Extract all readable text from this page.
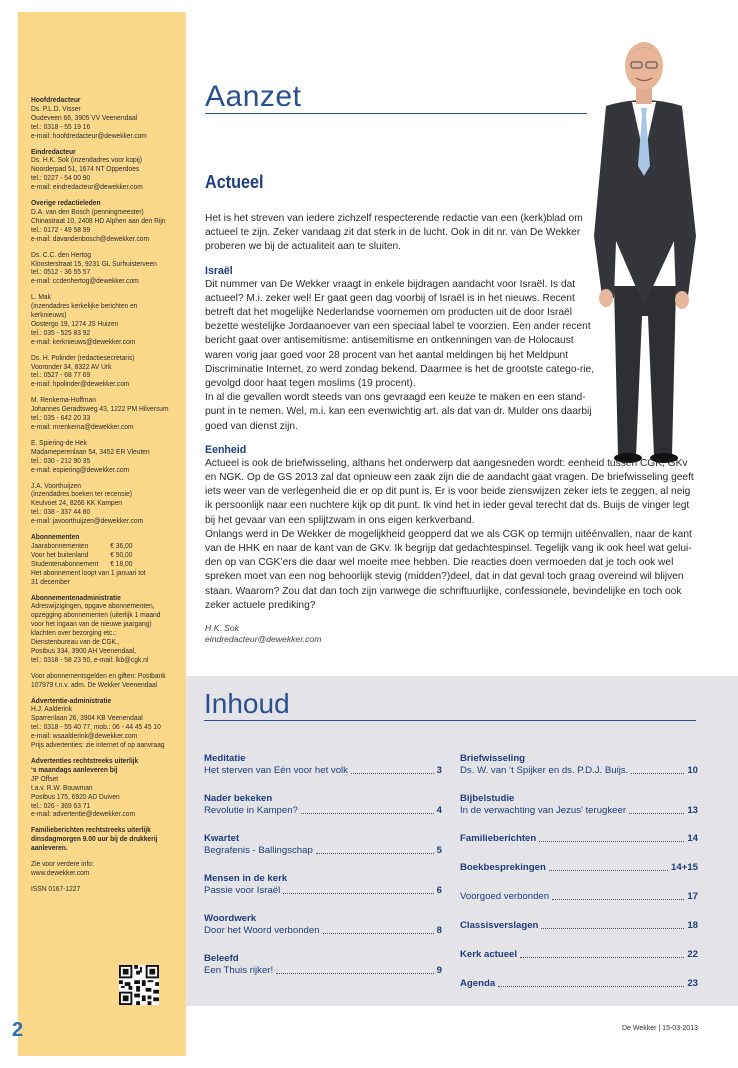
Hoofdredacteur
Ds. P.L.D. Visser
Oudeveen 66, 3905 VV Veenendaal
tel.: 0318 - 55 19 16
e-mail: hoofdredacteur@dewekker.com
Eindredacteur
Ds. H.K. Sok (inzendadres voor kopij)
Noorderpad 51, 1674 NT Opperdoes
tel.: 0227 - 54 00 90
e-mail: eindredacteur@dewekker.com
Overige redactieleden
D.A. van den Bosch (penningmeester)
Chinastraat 10, 2408 HD Alphen aan den Rijn
tel.: 0172 - 49 58 99
e-mail: davandenbosch@dewekker.com
Ds. C.C. den Hertog
Kloosterstraat 15, 9231 GL Surhuisterveen
tel.: 0512 - 36 55 57
e-mail: ccdenhertog@dewekker.com
L. Mak
(inzendadres kerkelijke berichten en
kerknieuws)
Oostergo 19, 1274 JS Huizen
tel.: 035 - 525 83 92
e-mail: kerknieuws@dewekker.com
Ds. H. Polinder (redactiesecretaris)
Vooronder 34, 8322 AV Urk
tel.: 0527 - 68 77 69
e-mail: hpolinder@dewekker.com
M. Renkema-Hoffman
Johannes Geradtsweg 43, 1222 PM Hilversum
tel.: 035 - 642 20 33
e-mail: mrenkema@dewekker.com
E. Spiering-de Hek
Madameperenlaan 54, 3452 ER Vleuten
tel.: 030 - 212 90 35
e-mail: espiering@dewekker.com
J.A. Voorthuijzen
(inzendadres boeken ter recensie)
Keulvoet 24, 8266 KK Kampen
tel.: 038 - 337 44 80
e-mail: javoorthuijzen@dewekker.com
Abonnementen
Jaarabonnementen	€ 36,00
Voor het buitenland	€ 50,00
Studentenabonnement	€ 18,00
Het abonnement loopt van 1 januari tot
31 december
Abonnementenadministratie
Adreswijzigingen, opgave abonnementen,
opzegging abonnementen (uiterlijk 1 maand
voor het ingaan van de nieuwe jaargang)
klachten over bezorging etc.:
Dienstenbureau van de CGK.,
Postbus 334, 3900 AH Veenendaal,
tel.: 0318 - 58 23 50, e-mail: lkb@cgk.nl
Voor abonnementsgelden en giften: Postbank
107979 t.n.v. adm. De Wekker Veenendaal
Advertentie-administratie
H.J. Aalderink
Sparrenlaan 26, 3904 KB Veenendaal
tel.: 0318 - 55 40 77, mob.: 06 - 44 45 45 10
e-mail: wsaalderink@dewekker.com
Prijs advertenties: zie internet of op aanvraag
Advertenties rechtstreeks uiterlijk
‘s maandags aanleveren bij
JP Offset
t.a.v. R.W. Bouwman
Postbus 175, 6920 AD Duiven
tel.: 026 - 369 63 71
e-mail: advertentie@dewekker.com
Familieberichten rechtstreeks uiterlijk
dinsdagmorgen 9.00 uur bij de drukkerij
aanleveren.
Zie voor verdere info:
www.dewekker.com
ISSN 0167-1227
2
Aanzet
Actueel

Het is het streven van iedere zichzelf respecterende redactie van een (kerk)blad om actueel te zijn. Zeker vandaag zit dat sterk in de lucht. Ook in dit nr. van De Wekker proberen we bij de actualiteit aan te sluiten.

Israël

Dit nummer van De Wekker vraagt in enkele bijdragen aandacht voor Israël. Is dat actueel? M.i. zeker wel! Er gaat geen dag voorbij of Israël is in het nieuws. Recent betreft dat het mogelijke Nederlandse voornemen om producten uit de door Israël bezette westelijke Jordaanoever van een speciaal label te voorzien. Een ander recent bericht gaat over antisemitisme: antisemitisme en ontkenningen van de Holocaust waren vorig jaar goed voor 28 procent van het aantal meldingen bij het Meldpunt Discriminatie Internet, zo werd zondag bekend. Daarmee is het de grootste catego-rie, gevolgd door haat tegen moslims (19 procent).

In al die gevallen wordt steeds van ons gevraagd een keuze te maken en een stand-punt in te nemen. Wel, m.i. kan een evenwichtig art. als dat van dr. Mulder ons daarbij goed van dienst zijn.

Eenheid

Actueel is ook de briefwisseling, althans het onderwerp dat aangesneden wordt: eenheid tussen CGK, GKv en NGK. Op de GS 2013 zal dat opnieuw een zaak zijn die de aandacht gaat vragen. De briefwisseling geeft iets weer van de verlegenheid die er op dit punt is. Er is voor beide zienswijzen zeker iets te zeggen, al neig ik persoonlijk naar een nuchtere kijk op dit punt. Ik vind het in ieder geval terecht dat ds. Buijs de vinger legt bij het gevaar van een splijtzwam in ons eigen kerkverband.

Onlangs werd in De Wekker de mogelijkheid geopperd dat we als CGK op termijn uitéénvallen, naar de kant van de HHK en naar de kant van de GKv. Ik begrijp dat gedachtespinsel. Tegelijk vang ik ook heel wat gelui-den op van CGK’ers die daar wel moeite mee hebben. Die reacties doen vermoeden dat je toch ook wel spreken moet van een nog behoorlijk stevig (midden?)deel, dat in dat geval toch graag overeind wil blijven staan. Waarom? Zou dat dan toch zijn vanwege die schriftuurlijke, confessionele, bevindelijke en toch ook zeker actuele prediking?

H.K. Sok
eindredacteur@dewekker.com
Inhoud
Meditatie
Het sterven van Eén voor het volk	3
Nader bekeken
Revolutie in Kampen?	4
Kwartet
Begrafenis - Ballingschap	5
Mensen in de kerk
Passie voor Israël	6
Woordwerk
Door het Woord verbonden	8
Beleefd
Een Thuis rijker!	9
Briefwisseling
Ds. W. van ‘t Spijker en ds. P.D.J. Buijs.	10
Bijbelstudie
In de verwachting van Jezus’ terugkeer	13
Familieberichten	14
Boekbesprekingen	14+15
Voorgoed verbonden	17
Classisverslagen	18
Kerk actueel	22
Agenda	23
De Wekker | 15-03-2013
